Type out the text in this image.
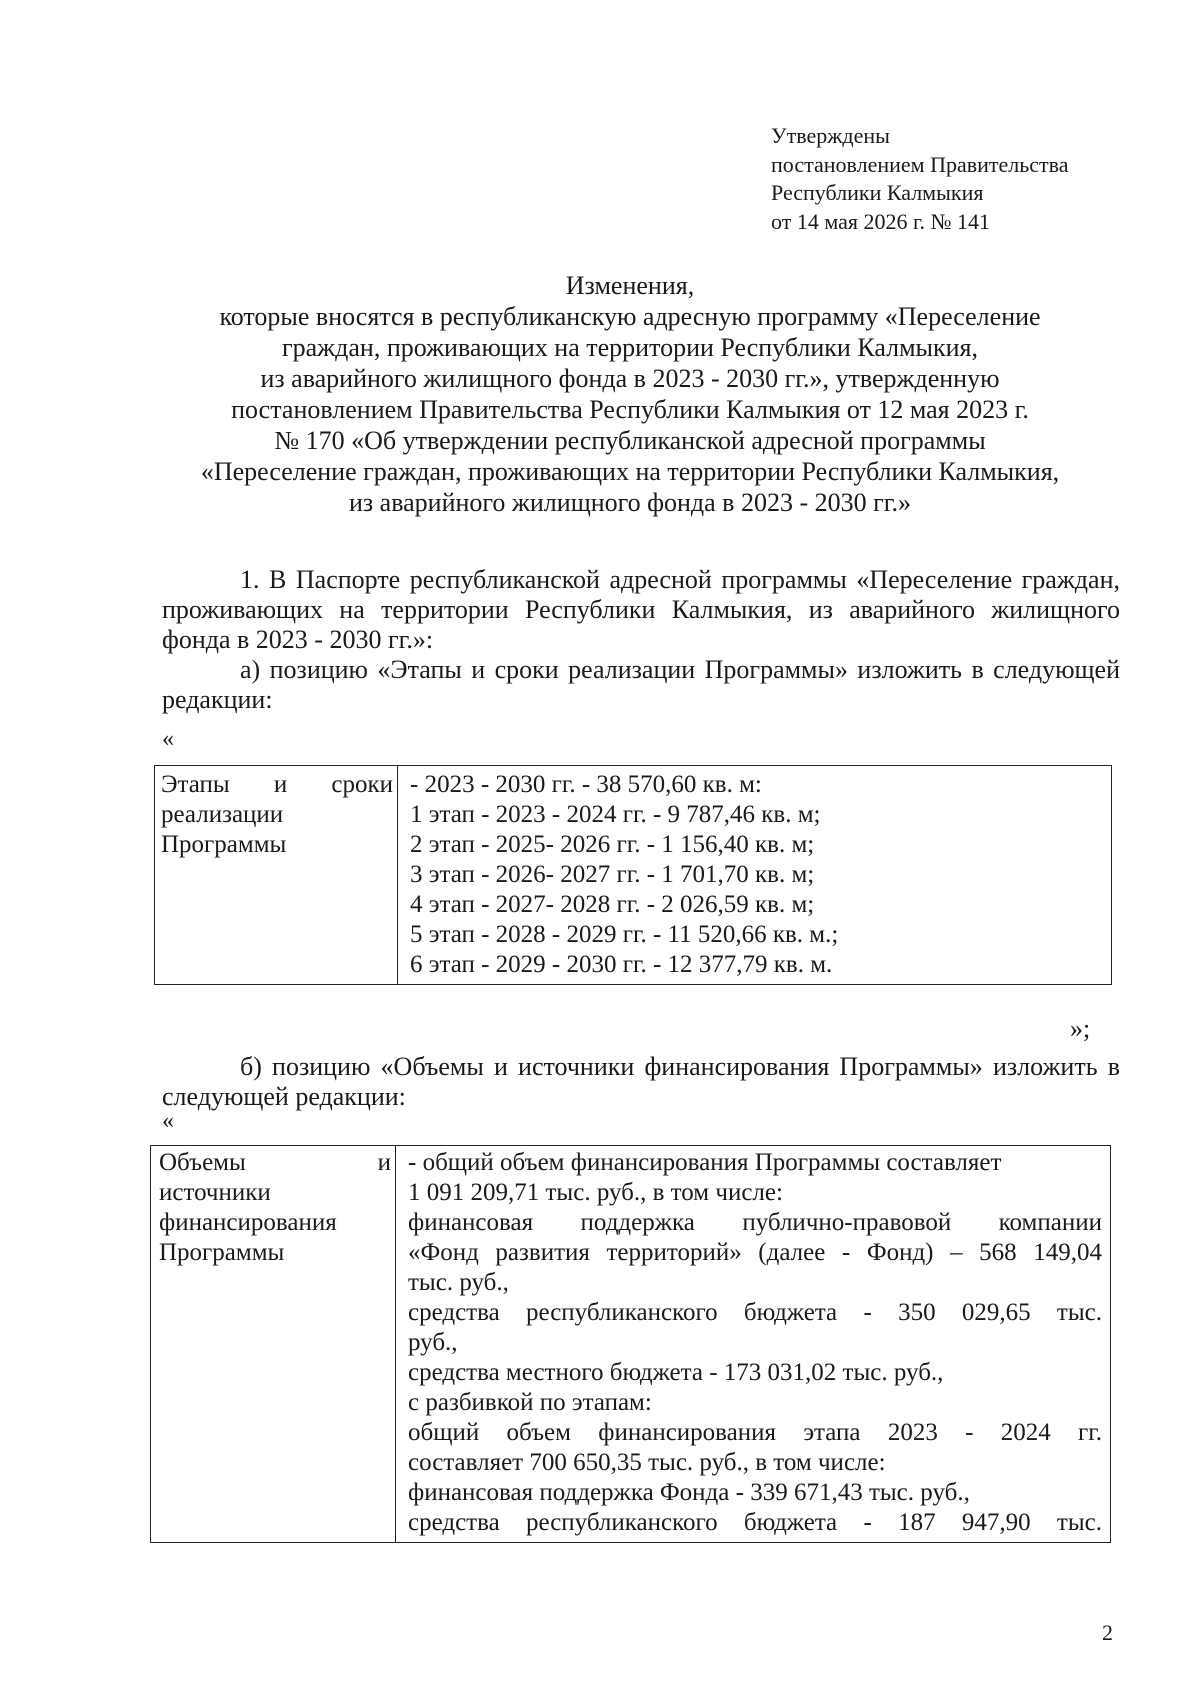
Утверждены
постановлением Правительства
Республики Калмыкия
от 14 мая 2026 г. № 141
Изменения,
которые вносятся в республиканскую адресную программу «Переселение
граждан, проживающих на территории Республики Калмыкия,
из аварийного жилищного фонда в 2023 - 2030 гг.», утвержденную
постановлением Правительства Республики Калмыкия от 12 мая 2023 г.
№ 170 «Об утверждении республиканской адресной программы
«Переселение граждан, проживающих на территории Республики Калмыкия,
из аварийного жилищного фонда в 2023 - 2030 гг.»
1. В Паспорте республиканской адресной программы «Переселение граждан, проживающих на территории Республики Калмыкия, из аварийного жилищного фонда в 2023 - 2030 гг.»:
а) позицию «Этапы и сроки реализации Программы» изложить в следующей редакции:
«
Этапы и сроки
реализации
Программы

- 2023 - 2030 гг. - 38 570,60 кв. м:
1 этап - 2023 - 2024 гг. - 9 787,46 кв. м;
2 этап - 2025- 2026 гг. - 1 156,40 кв. м;
3 этап - 2026- 2027 гг. - 1 701,70 кв. м;
4 этап - 2027- 2028 гг. - 2 026,59 кв. м;
5 этап - 2028 - 2029 гг. - 11 520,66 кв. м.;
6 этап - 2029 - 2030 гг. - 12 377,79 кв. м.
»;
б) позицию «Объемы и источники финансирования Программы» изложить в следующей редакции:
«
Объемы и
источники
финансирования
Программы

- общий объем финансирования Программы составляет
1 091 209,71 тыс. руб., в том числе:
финансовая поддержка публично-правовой компании
«Фонд развития территорий» (далее - Фонд) – 568 149,04
тыс. руб.,
средства республиканского бюджета - 350 029,65 тыс.
руб.,
средства местного бюджета - 173 031,02 тыс. руб.,
с разбивкой по этапам:
общий объем финансирования этапа 2023 - 2024 гг.
составляет 700 650,35 тыс. руб., в том числе:
финансовая поддержка Фонда - 339 671,43 тыс. руб.,
средства республиканского бюджета - 187 947,90 тыс.
2
